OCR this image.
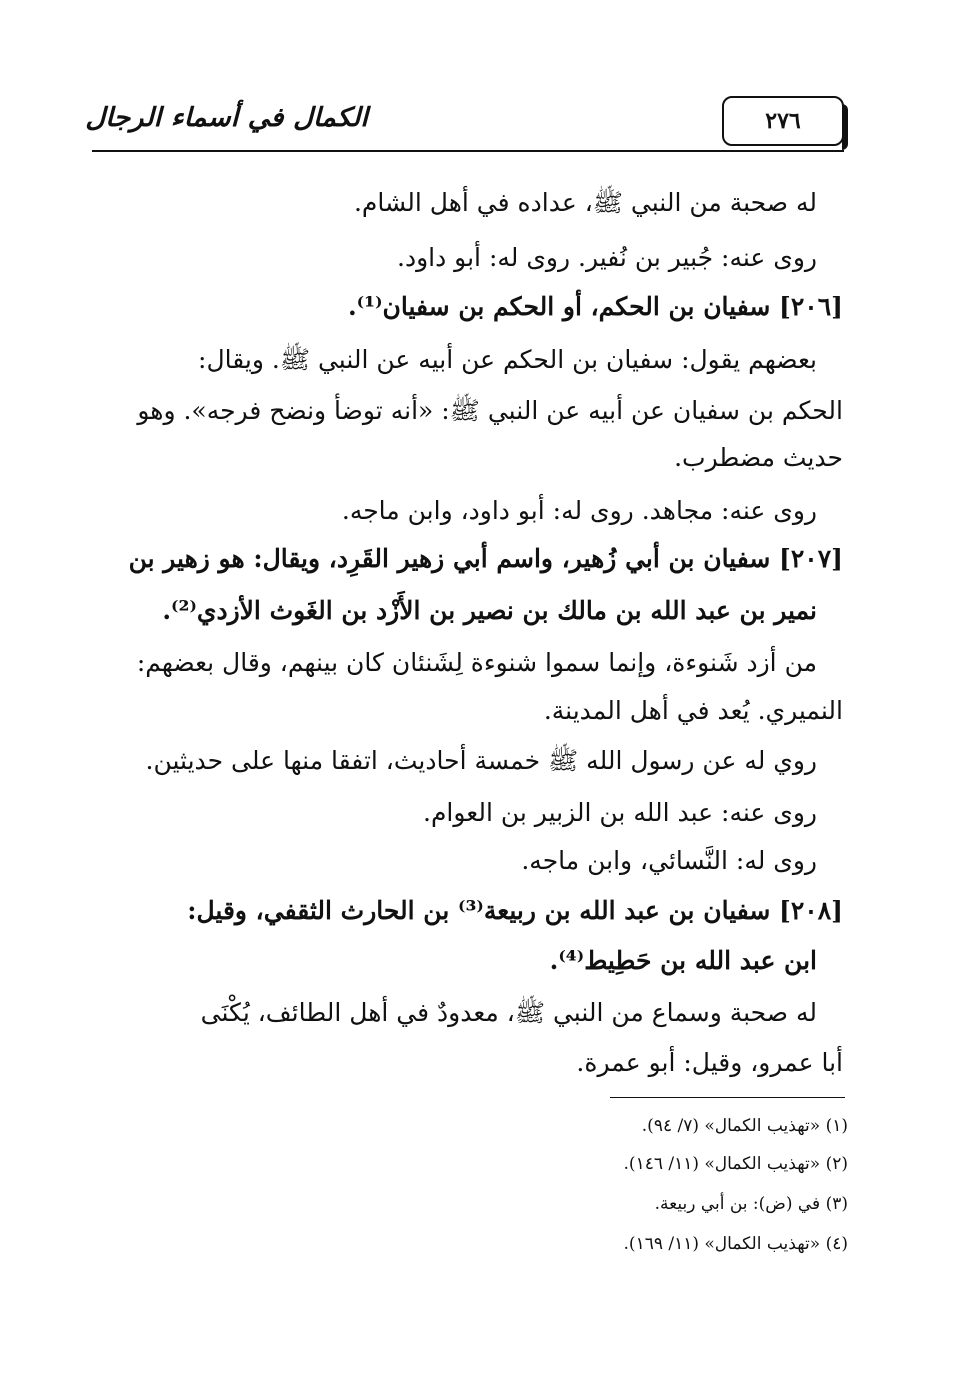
٢٧٦
الكمال في أسماء الرجال
له صحبة من النبي ﷺ، عداده في أهل الشام.
روى عنه: جُبير بن نُفير. روى له: أبو داود.
[٢٠٦] سفيان بن الحكم، أو الحكم بن سفيان⁽¹⁾.
بعضهم يقول: سفيان بن الحكم عن أبيه عن النبي ﷺ. ويقال:
الحكم بن سفيان عن أبيه عن النبي ﷺ: «أنه توضأ ونضح فرجه». وهو
حديث مضطرب.
روى عنه: مجاهد. روى له: أبو داود، وابن ماجه.
[٢٠٧] سفيان بن أبي زُهير، واسم أبي زهير القَرِد، ويقال: هو زهير بن
نمير بن عبد الله بن مالك بن نصير بن الأَزْد بن الغَوث الأزدي⁽²⁾.
من أزد شَنوءة، وإنما سموا شنوءة لِشَنئان كان بينهم، وقال بعضهم:
النميري. يُعد في أهل المدينة.
روي له عن رسول الله ﷺ خمسة أحاديث، اتفقا منها على حديثين.
روى عنه: عبد الله بن الزبير بن العوام.
روى له: النَّسائي، وابن ماجه.
[٢٠٨] سفيان بن عبد الله بن ربيعة⁽³⁾ بن الحارث الثقفي، وقيل:
ابن عبد الله بن حَطِيط⁽⁴⁾.
له صحبة وسماع من النبي ﷺ، معدودٌ في أهل الطائف، يُكْنَى
أبا عمرو، وقيل: أبو عمرة.
(١) «تهذيب الكمال» (٧/ ٩٤).
(٢) «تهذيب الكمال» (١١/ ١٤٦).
(٣) في (ض): بن أبي ربيعة.
(٤) «تهذيب الكمال» (١١/ ١٦٩).
